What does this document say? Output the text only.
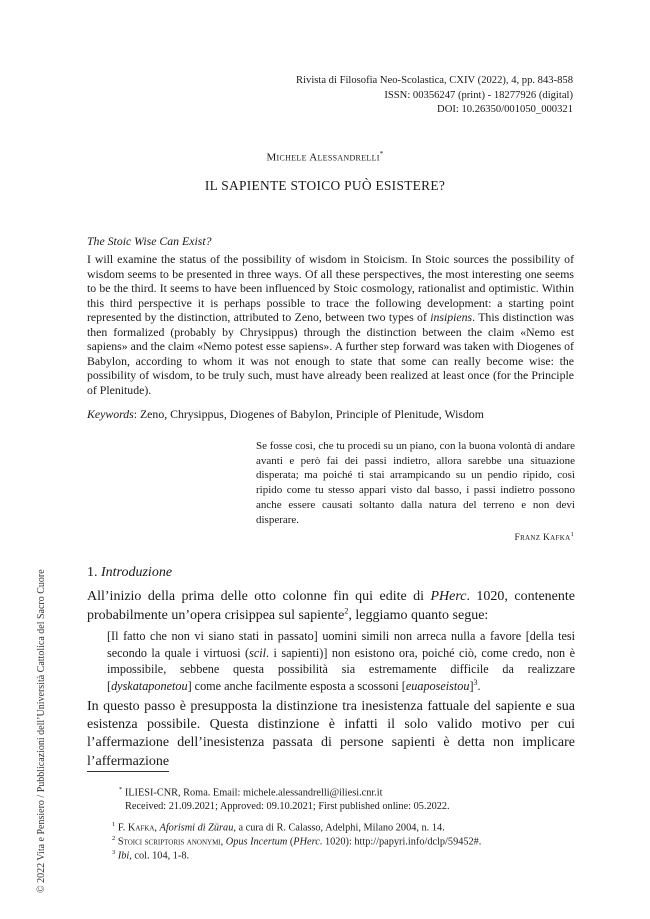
Rivista di Filosofia Neo-Scolastica, CXIV (2022), 4, pp. 843-858
ISSN: 00356247 (print) - 18277926 (digital)
DOI: 10.26350/001050_000321
Michele Alessandrelli*
IL SAPIENTE STOICO PUÒ ESISTERE?
The Stoic Wise Can Exist?
I will examine the status of the possibility of wisdom in Stoicism. In Stoic sources the possibility of wisdom seems to be presented in three ways. Of all these perspectives, the most interesting one seems to be the third. It seems to have been influenced by Stoic cosmology, rationalist and optimistic. Within this third perspective it is perhaps possible to trace the following development: a starting point represented by the distinction, attributed to Zeno, between two types of insipiens. This distinction was then formalized (probably by Chrysippus) through the distinction between the claim «Nemo est sapiens» and the claim «Nemo potest esse sapiens». A further step forward was taken with Diogenes of Babylon, according to whom it was not enough to state that some can really become wise: the possibility of wisdom, to be truly such, must have already been realized at least once (for the Principle of Plenitude).
Keywords: Zeno, Chrysippus, Diogenes of Babylon, Principle of Plenitude, Wisdom
Se fosse così, che tu procedi su un piano, con la buona volontà di andare avanti e però fai dei passi indietro, allora sarebbe una situazione disperata; ma poiché ti stai arrampicando su un pendio ripido, così ripido come tu stesso appari visto dal basso, i passi indietro possono anche essere causati soltanto dalla natura del terreno e non devi disperare.
Franz Kafka$^1$
1. Introduzione
All’inizio della prima delle otto colonne fin qui edite di PHerc. 1020, contenente probabilmente un’opera crisippea sul sapiente$^2$, leggiamo quanto segue:
[Il fatto che non vi siano stati in passato] uomini simili non arreca nulla a favore [della tesi secondo la quale i virtuosi (scil. i sapienti)] non esistono ora, poiché ciò, come credo, non è impossibile, sebbene questa possibilità sia estremamente difficile da realizzare [dyskataponetou] come anche facilmente esposta a scossoni [euaposeistou]$^3$.
In questo passo è presupposta la distinzione tra inesistenza fattuale del sapiente e sua esistenza possibile. Questa distinzione è infatti il solo valido motivo per cui l’affermazione dell’inesistenza passata di persone sapienti è detta non implicare l’affermazione
* ILIESI-CNR, Roma. Email: michele.alessandrelli@iliesi.cnr.it
Received: 21.09.2021; Approved: 09.10.2021; First published online: 05.2022.
$^1$ F. Kafka, Aforismi di Zürau, a cura di R. Calasso, Adelphi, Milano 2004, n. 14.
$^2$ Stoici scriptoris anonymi, Opus Incertum (PHerc. 1020): http://papyri.info/dclp/59452#.
$^3$ Ibi, col. 104, 1-8.
© 2022 Vita e Pensiero / Pubblicazioni dell’Università Cattolica del Sacro Cuore
